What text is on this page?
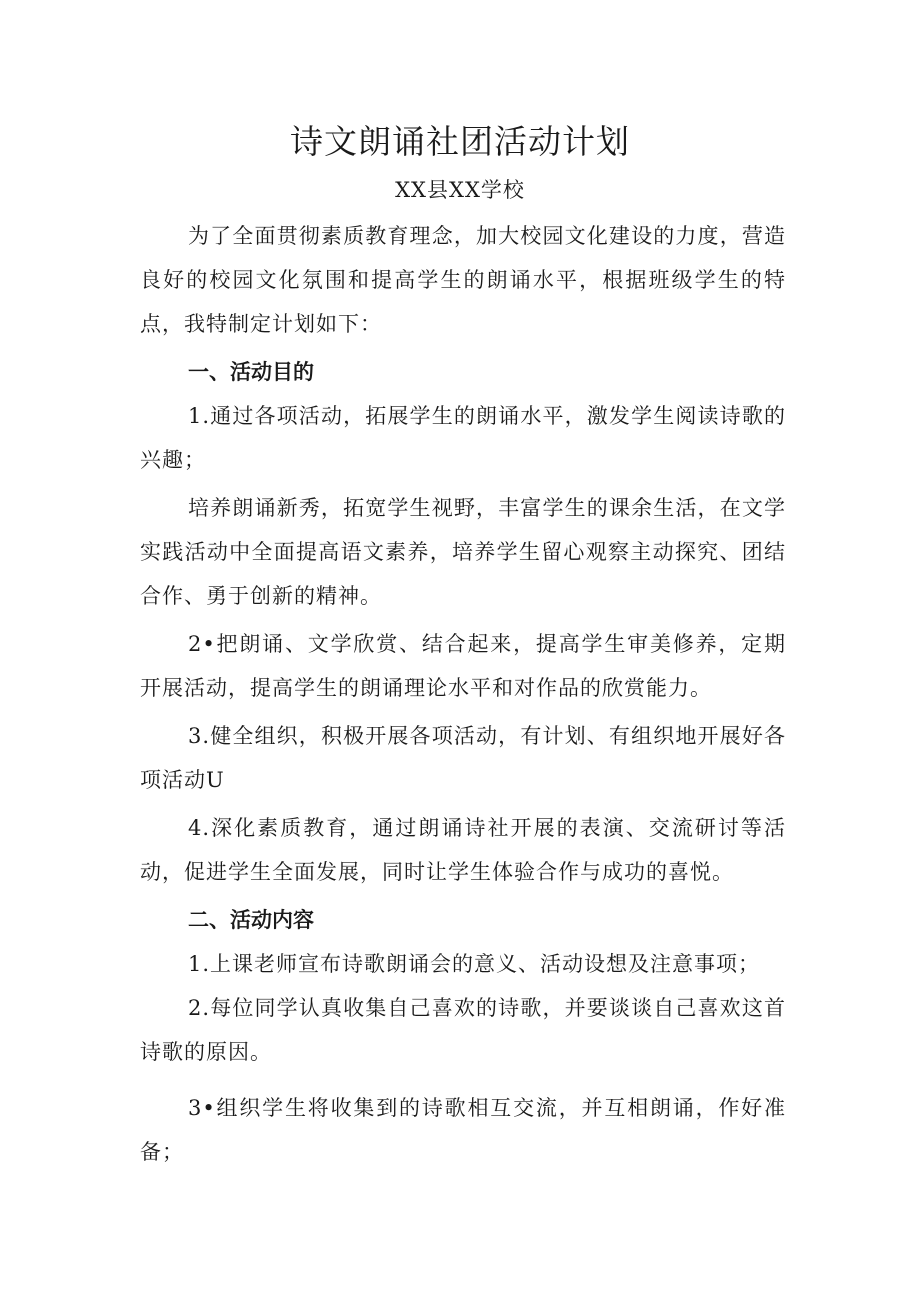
诗文朗诵社团活动计划
XX县XX学校

为了全面贯彻素质教育理念，加大校园文化建设的力度，营造良好的校园文化氛围和提高学生的朗诵水平，根据班级学生的特点，我特制定计划如下：

一、活动目的

1.通过各项活动，拓展学生的朗诵水平，激发学生阅读诗歌的兴趣；

培养朗诵新秀，拓宽学生视野，丰富学生的课余生活，在文学实践活动中全面提高语文素养，培养学生留心观察主动探究、团结合作、勇于创新的精神。

2•把朗诵、文学欣赏、结合起来，提高学生审美修养，定期开展活动，提高学生的朗诵理论水平和对作品的欣赏能力。

3.健全组织，积极开展各项活动，有计划、有组织地开展好各项活动U

4.深化素质教育，通过朗诵诗社开展的表演、交流研讨等活动，促进学生全面发展，同时让学生体验合作与成功的喜悦。

二、活动内容

1.上课老师宣布诗歌朗诵会的意义、活动设想及注意事项；

2.每位同学认真收集自己喜欢的诗歌，并要谈谈自己喜欢这首诗歌的原因。

3•组织学生将收集到的诗歌相互交流，并互相朗诵，作好准备；
